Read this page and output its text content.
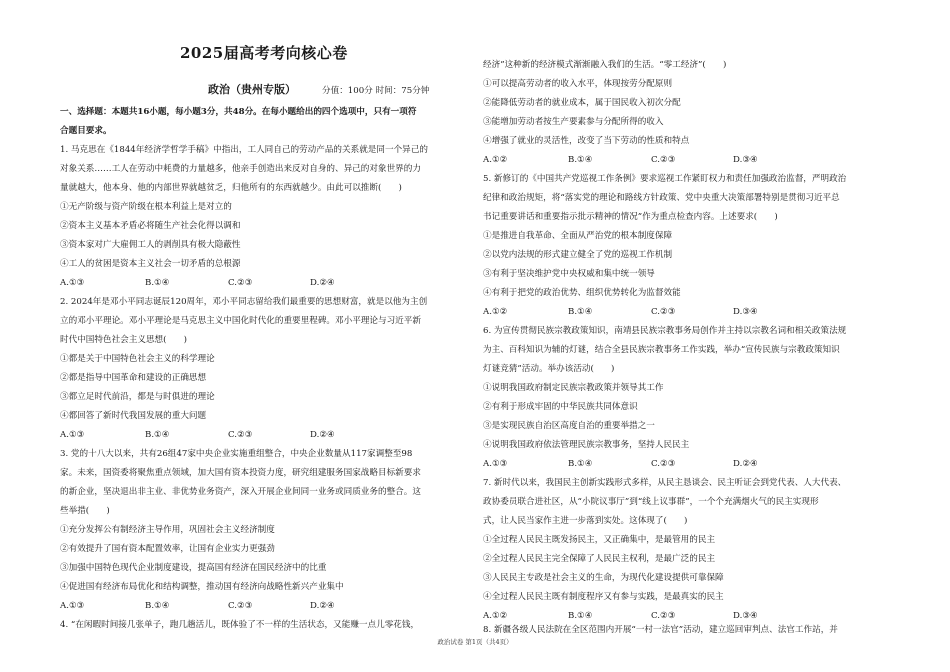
2025届高考考向核心卷
政治（贵州专版）	分值：100分 时间：75分钟
一、选择题：本题共16小题，每小题3分，共48分。在每小题给出的四个选项中，只有一项符
合题目要求。
1. 马克思在《1844年经济学哲学手稿》中指出，工人同自己的劳动产品的关系就是同一个异己的
对象关系……工人在劳动中耗费的力量越多，他亲手创造出来反对自身的、异己的对象世界的力
量就越大，他本身、他的内部世界就越贫乏，归他所有的东西就越少。由此可以推断(　　)
①无产阶级与资产阶级在根本利益上是对立的
②资本主义基本矛盾必将随生产社会化得以调和
③资本家对广大雇佣工人的剥削具有极大隐蔽性
④工人的贫困是资本主义社会一切矛盾的总根源
A.①③	B.①④	C.②③	D.②④
2. 2024年是邓小平同志诞辰120周年，邓小平同志留给我们最重要的思想财富，就是以他为主创
立的邓小平理论。邓小平理论是马克思主义中国化时代化的重要里程碑。邓小平理论与习近平新
时代中国特色社会主义思想(　　)
①都是关于中国特色社会主义的科学理论
②都是指导中国革命和建设的正确思想
③都立足时代前沿，都是与时俱进的理论
④都回答了新时代我国发展的重大问题
A.①③	B.①④	C.②③	D.②④
3. 党的十八大以来，共有26组47家中央企业实施重组整合，中央企业数量从117家调整至98
家。未来，国资委将聚焦重点领域，加大国有资本投资力度，研究组建服务国家战略目标新要求
的新企业，坚决退出非主业、非优势业务资产，深入开展企业间同一业务或同质业务的整合。这
些举措(　　)
①充分发挥公有制经济主导作用，巩固社会主义经济制度
②有效提升了国有资本配置效率，让国有企业实力更强劲
③加强中国特色现代企业制度建设，提高国有经济在国民经济中的比重
④促进国有经济布局优化和结构调整，推动国有经济向战略性新兴产业集中
A.①③	B.①④	C.②③	D.②④
4. “在闲暇时间接几张单子，跑几趟活儿，既体验了不一样的生活状态，又能赚一点儿零花钱，
经济”这种新的经济模式渐渐融入我们的生活。“零工经济”(　　)
①可以提高劳动者的收入水平，体现按劳分配原则
②能降低劳动者的就业成本，属于国民收入初次分配
③能增加劳动者按生产要素参与分配所得的收入
④增强了就业的灵活性，改变了当下劳动的性质和特点
A.①②	B.①④	C.②③	D.③④
5. 新修订的《中国共产党巡视工作条例》要求巡视工作紧盯权力和责任加强政治监督，严明政治
纪律和政治规矩，将“落实党的理论和路线方针政策、党中央重大决策部署特别是贯彻习近平总
书记重要讲话和重要指示批示精神的情况”作为重点检查内容。上述要求(　　)
①是推进自我革命、全面从严治党的根本制度保障
②以党内法规的形式建立健全了党的巡视工作机制
③有利于坚决维护党中央权威和集中统一领导
④有利于把党的政治优势、组织优势转化为监督效能
A.①②	B.①④	C.②③	D.③④
6. 为宣传贯彻民族宗教政策知识，南靖县民族宗教事务局创作并主持以宗教名词和相关政策法规
为主、百科知识为辅的灯谜，结合全县民族宗教事务工作实践，举办“宣传民族与宗教政策知识
灯谜竞猜”活动。举办该活动(　　)
①说明我国政府制定民族宗教政策并领导其工作
②有利于形成牢固的中华民族共同体意识
③是实现民族自治区高度自治的重要举措之一
④说明我国政府依法管理民族宗教事务，坚持人民民主
A.①③	B.①④	C.②③	D.②④
7. 新时代以来，我国民主创新实践形式多样，从民主恳谈会、民主听证会到党代表、人大代表、
政协委员联合进社区，从“小院议事厅”到“线上议事群”，一个个充满烟火气的民主实现形
式，让人民当家作主进一步落到实处。这体现了(　　)
①全过程人民民主既发扬民主，又正确集中，是最管用的民主
②全过程人民民主完全保障了人民民主权利，是最广泛的民主
③人民民主专政是社会主义的生命，为现代化建设提供可靠保障
④全过程人民民主既有制度程序又有参与实践，是最真实的民主
A.①②	B.①④	C.②③	D.③④
8. 新疆各级人民法院在全区范围内开展“一村一法官”活动，建立巡回审判点、法官工作站，并
政治试卷 第1页（共4页）
